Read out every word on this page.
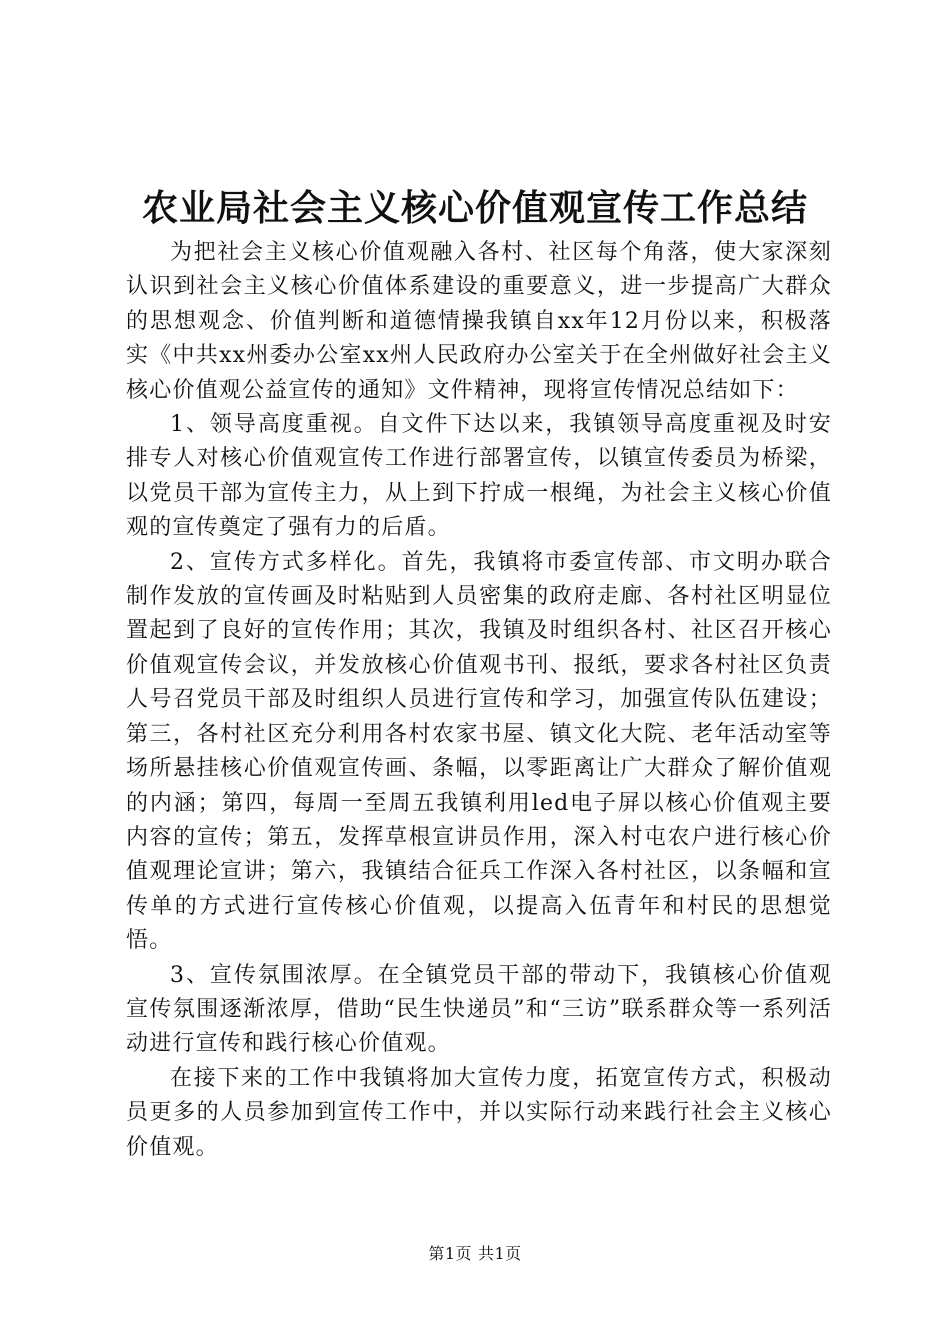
农业局社会主义核心价值观宣传工作总结

为把社会主义核心价值观融入各村、社区每个角落，使大家深刻认识到社会主义核心价值体系建设的重要意义，进一步提高广大群众的思想观念、价值判断和道德情操我镇自xx年12月份以来，积极落实《中共xx州委办公室xx州人民政府办公室关于在全州做好社会主义核心价值观公益宣传的通知》文件精神，现将宣传情况总结如下：

1、领导高度重视。自文件下达以来，我镇领导高度重视及时安排专人对核心价值观宣传工作进行部署宣传，以镇宣传委员为桥梁，以党员干部为宣传主力，从上到下拧成一根绳，为社会主义核心价值观的宣传奠定了强有力的后盾。

2、宣传方式多样化。首先，我镇将市委宣传部、市文明办联合制作发放的宣传画及时粘贴到人员密集的政府走廊、各村社区明显位置起到了良好的宣传作用；其次，我镇及时组织各村、社区召开核心价值观宣传会议，并发放核心价值观书刊、报纸，要求各村社区负责人号召党员干部及时组织人员进行宣传和学习，加强宣传队伍建设；第三，各村社区充分利用各村农家书屋、镇文化大院、老年活动室等场所悬挂核心价值观宣传画、条幅，以零距离让广大群众了解价值观的内涵；第四，每周一至周五我镇利用led电子屏以核心价值观主要内容的宣传；第五，发挥草根宣讲员作用，深入村屯农户进行核心价值观理论宣讲；第六，我镇结合征兵工作深入各村社区，以条幅和宣传单的方式进行宣传核心价值观，以提高入伍青年和村民的思想觉悟。

3、宣传氛围浓厚。在全镇党员干部的带动下，我镇核心价值观宣传氛围逐渐浓厚，借助“民生快递员”和“三访”联系群众等一系列活动进行宣传和践行核心价值观。

在接下来的工作中我镇将加大宣传力度，拓宽宣传方式，积极动员更多的人员参加到宣传工作中，并以实际行动来践行社会主义核心价值观。

第1页 共1页
